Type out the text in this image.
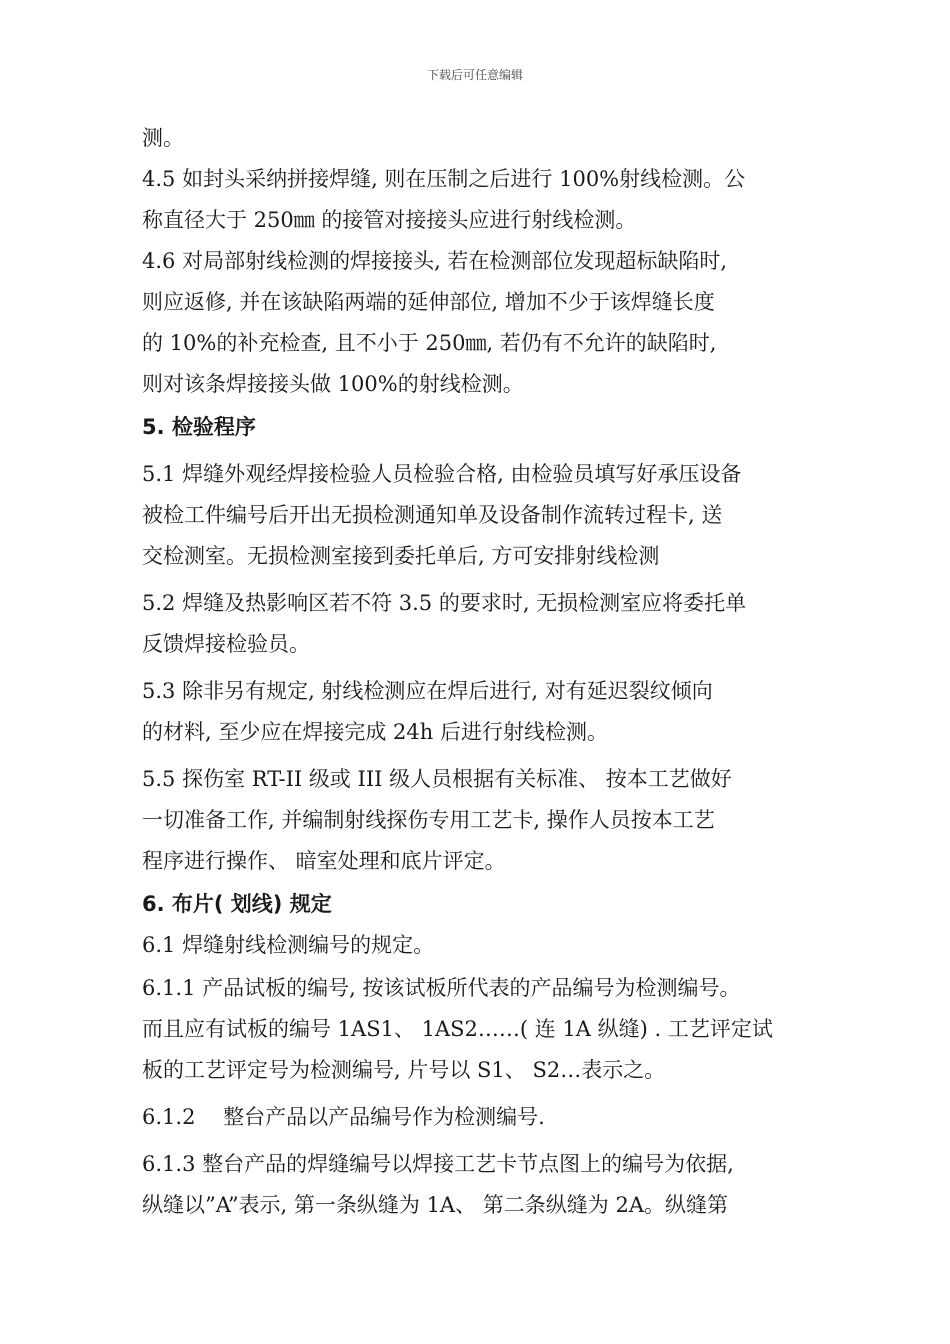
下载后可任意编辑

测。

4.5 如封头采纳拼接焊缝, 则在压制之后进行 100%射线检测。公
称直径大于 250㎜ 的接管对接接头应进行射线检测。

4.6 对局部射线检测的焊接接头, 若在检测部位发现超标缺陷时,
则应返修, 并在该缺陷两端的延伸部位, 增加不少于该焊缝长度
的 10%的补充检查, 且不小于 250㎜, 若仍有不允许的缺陷时,
则对该条焊接接头做 100%的射线检测。

5. 检验程序

5.1 焊缝外观经焊接检验人员检验合格, 由检验员填写好承压设备
被检工件编号后开出无损检测通知单及设备制作流转过程卡, 送
交检测室。无损检测室接到委托单后, 方可安排射线检测

5.2 焊缝及热影响区若不符 3.5 的要求时, 无损检测室应将委托单
反馈焊接检验员。

5.3 除非另有规定, 射线检测应在焊后进行, 对有延迟裂纹倾向
的材料, 至少应在焊接完成 24h 后进行射线检测。

5.5 探伤室 RT-II 级或 III 级人员根据有关标准、 按本工艺做好
一切准备工作, 并编制射线探伤专用工艺卡, 操作人员按本工艺
程序进行操作、 暗室处理和底片评定。

6. 布片( 划线) 规定

6.1 焊缝射线检测编号的规定。

6.1.1 产品试板的编号, 按该试板所代表的产品编号为检测编号。
而且应有试板的编号 1AS1、 1AS2……( 连 1A 纵缝) . 工艺评定试
板的工艺评定号为检测编号, 片号以 S1、 S2…表示之。

6.1.2 　整台产品以产品编号作为检测编号.

6.1.3 整台产品的焊缝编号以焊接工艺卡节点图上的编号为依据,
纵缝以”A”表示, 第一条纵缝为 1A、 第二条纵缝为 2A。纵缝第
